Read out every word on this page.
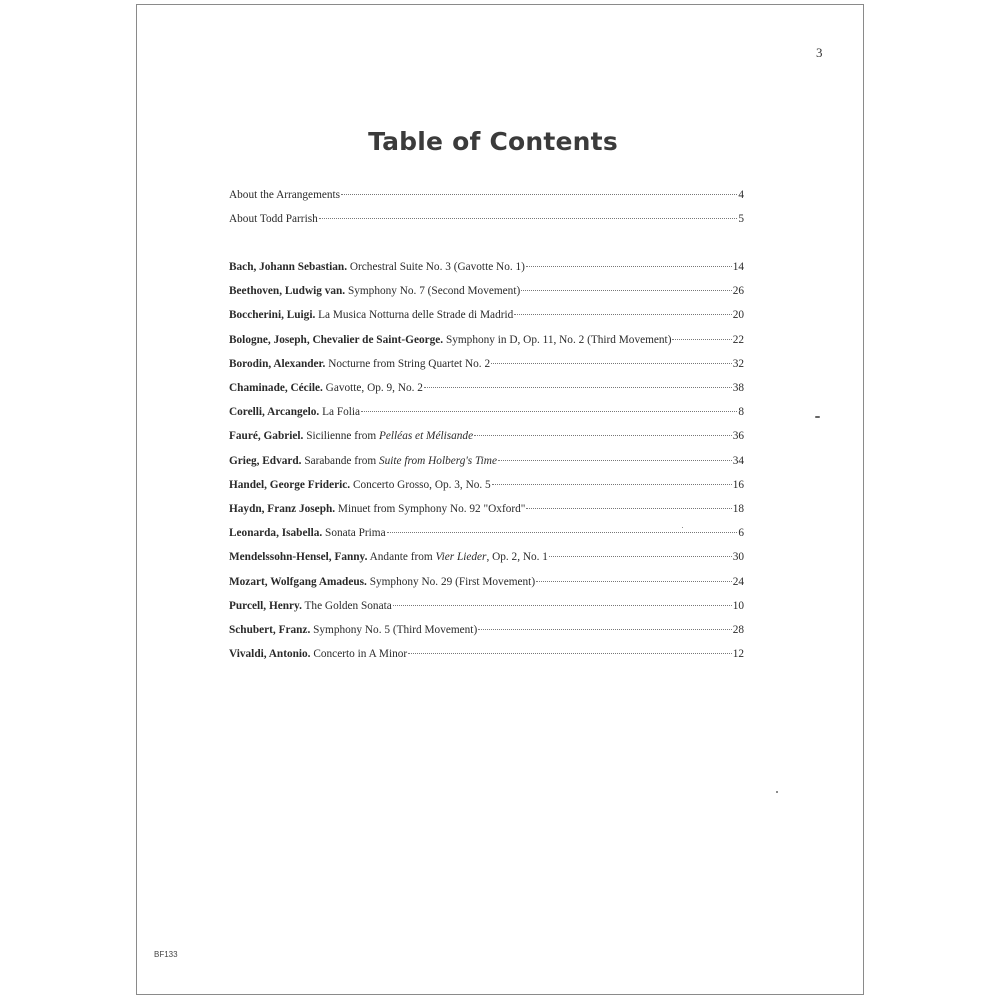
3
Table of Contents
About the Arrangements	4
About Todd Parrish	5
Bach, Johann Sebastian. Orchestral Suite No. 3 (Gavotte No. 1)	14
Beethoven, Ludwig van. Symphony No. 7 (Second Movement)	26
Boccherini, Luigi. La Musica Notturna delle Strade di Madrid	20
Bologne, Joseph, Chevalier de Saint-George. Symphony in D, Op. 11, No. 2 (Third Movement)	22
Borodin, Alexander. Nocturne from String Quartet No. 2	32
Chaminade, Cécile. Gavotte, Op. 9, No. 2	38
Corelli, Arcangelo. La Folia	8
Fauré, Gabriel. Sicilienne from Pelléas et Mélisande	36
Grieg, Edvard. Sarabande from Suite from Holberg's Time	34
Handel, George Frideric. Concerto Grosso, Op. 3, No. 5	16
Haydn, Franz Joseph. Minuet from Symphony No. 92 "Oxford"	18
Leonarda, Isabella. Sonata Prima	6
Mendelssohn-Hensel, Fanny. Andante from Vier Lieder, Op. 2, No. 1	30
Mozart, Wolfgang Amadeus. Symphony No. 29 (First Movement)	24
Purcell, Henry. The Golden Sonata	10
Schubert, Franz. Symphony No. 5 (Third Movement)	28
Vivaldi, Antonio. Concerto in A Minor	12
BF133
